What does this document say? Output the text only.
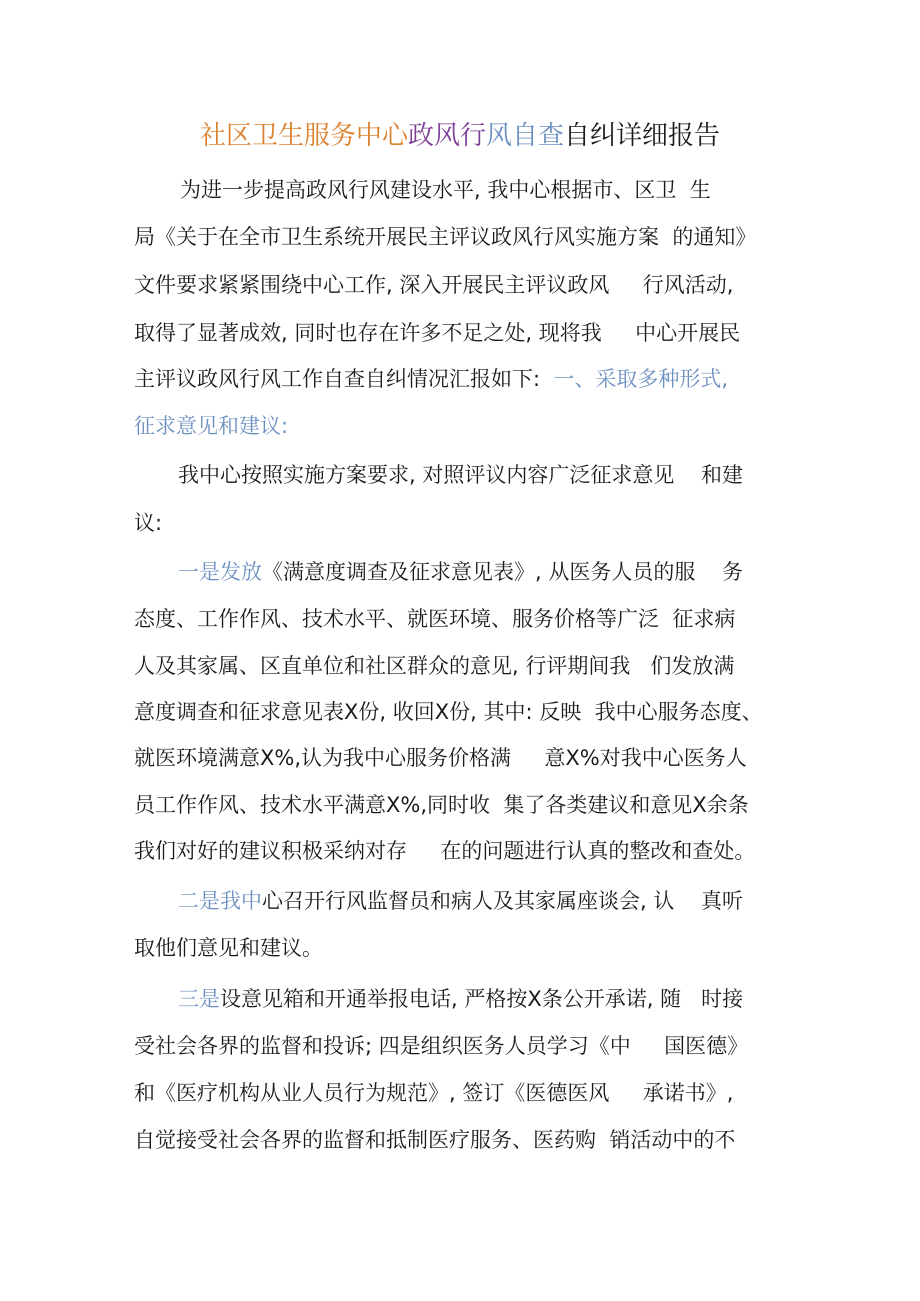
社区卫生服务中心政风行风自查自纠详细报告
为进一步提高政风行风建设水平, 我中心根据市、区卫  生
局《关于在全市卫生系统开展民主评议政风行风实施方案  的通知》
文件要求紧紧围绕中心工作, 深入开展民主评议政风     行风活动,
取得了显著成效, 同时也存在许多不足之处, 现将我     中心开展民
主评议政风行风工作自查自纠情况汇报如下:  一、采取多种形式,
征求意见和建议:
我中心按照实施方案要求, 对照评议内容广泛征求意见    和建
议:
一是发放《满意度调查及征求意见表》, 从医务人员的服    务
态度、工作作风、技术水平、就医环境、服务价格等广泛  征求病
人及其家属、区直单位和社区群众的意见, 行评期间我   们发放满
意度调查和征求意见表X份, 收回X份, 其中: 反映  我中心服务态度、
就医环境满意X%,认为我中心服务价格满     意X%对我中心医务人
员工作作风、技术水平满意X%,同时收  集了各类建议和意见X余条
我们对好的建议积极采纳对存     在的问题进行认真的整改和查处。
二是我中心召开行风监督员和病人及其家属座谈会, 认    真听
取他们意见和建议。
三是设意见箱和开通举报电话, 严格按X条公开承诺, 随   时接
受社会各界的监督和投诉; 四是组织医务人员学习《中     国医德》
和《医疗机构从业人员行为规范》, 签订《医德医风     承诺书》,
自觉接受社会各界的监督和抵制医疗服务、医药购  销活动中的不
